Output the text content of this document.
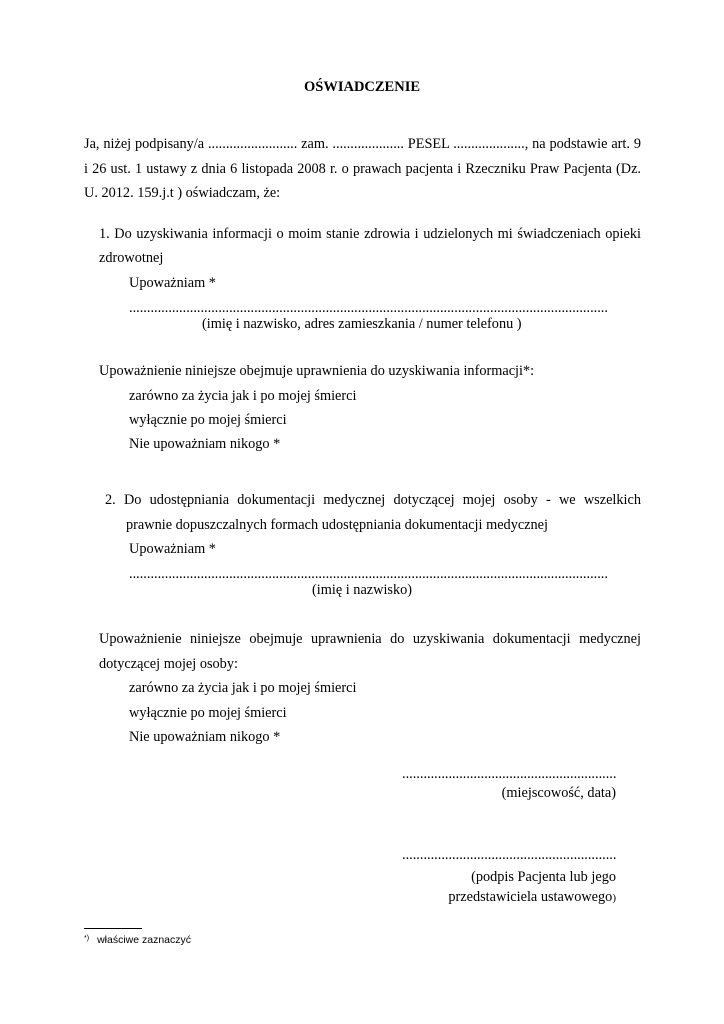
OŚWIADCZENIE
Ja, niżej podpisany/a ......................... zam. .................... PESEL ...................., na podstawie art. 9
i 26 ust. 1 ustawy z dnia 6 listopada 2008 r. o prawach pacjenta i Rzeczniku Praw Pacjenta (Dz.
U. 2012. 159.j.t ) oświadczam, że:
1. Do uzyskiwania informacji o moim stanie zdrowia i udzielonych mi świadczeniach opieki
zdrowotnej
Upoważniam *
......................................................................................................................................
(imię i nazwisko, adres zamieszkania / numer telefonu )
Upoważnienie niniejsze obejmuje uprawnienia do uzyskiwania informacji*:
zarówno za życia jak i po mojej śmierci
wyłącznie po mojej śmierci
Nie upoważniam nikogo *
2. Do udostępniania dokumentacji medycznej dotyczącej mojej osoby - we wszelkich
prawnie dopuszczalnych formach udostępniania dokumentacji medycznej
Upoważniam *
......................................................................................................................................
(imię i nazwisko)
Upoważnienie niniejsze obejmuje uprawnienia do uzyskiwania dokumentacji medycznej
dotyczącej mojej osoby:
zarówno za życia jak i po mojej śmierci
wyłącznie po mojej śmierci
Nie upoważniam nikogo *
............................................................
(miejscowość, data)
............................................................
(podpis Pacjenta lub jego
przedstawiciela ustawowego)
*) właściwe zaznaczyć
